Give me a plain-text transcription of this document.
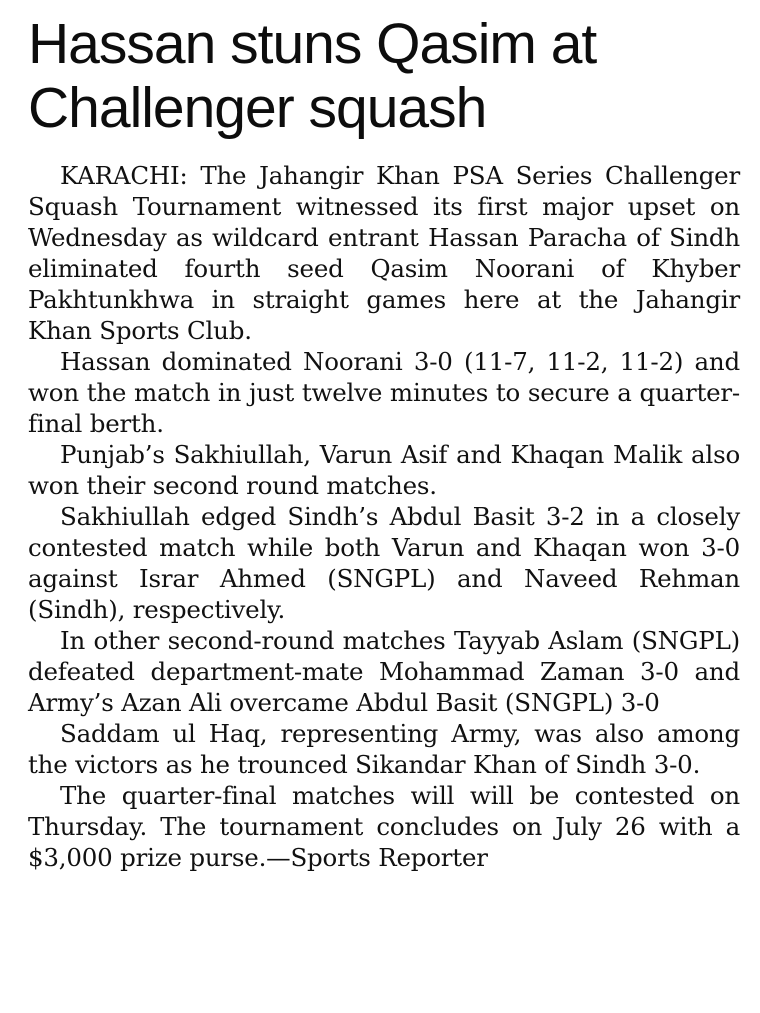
Hassan stuns Qasim at Challenger squash

KARACHI: The Jahangir Khan PSA Series Challenger Squash Tournament witnessed its first major upset on Wednesday as wildcard entrant Hassan Paracha of Sindh eliminated fourth seed Qasim Noorani of Khyber Pakhtunkhwa in straight games here at the Jahangir Khan Sports Club.

Hassan dominated Noorani 3-0 (11-7, 11-2, 11-2) and won the match in just twelve minutes to secure a quarter-final berth.

Punjab’s Sakhiullah, Varun Asif and Khaqan Malik also won their second round matches.

Sakhiullah edged Sindh’s Abdul Basit 3-2 in a closely contested match while both Varun and Khaqan won 3-0 against Israr Ahmed (SNGPL) and Naveed Rehman (Sindh), respectively.

In other second-round matches Tayyab Aslam (SNGPL) defeated department-mate Mohammad Zaman 3-0 and Army’s Azan Ali overcame Abdul Basit (SNGPL) 3-0

Saddam ul Haq, representing Army, was also among the victors as he trounced Sikandar Khan of Sindh 3-0.

The quarter-final matches will will be contested on Thursday. The tournament concludes on July 26 with a $3,000 prize purse.—Sports Reporter
